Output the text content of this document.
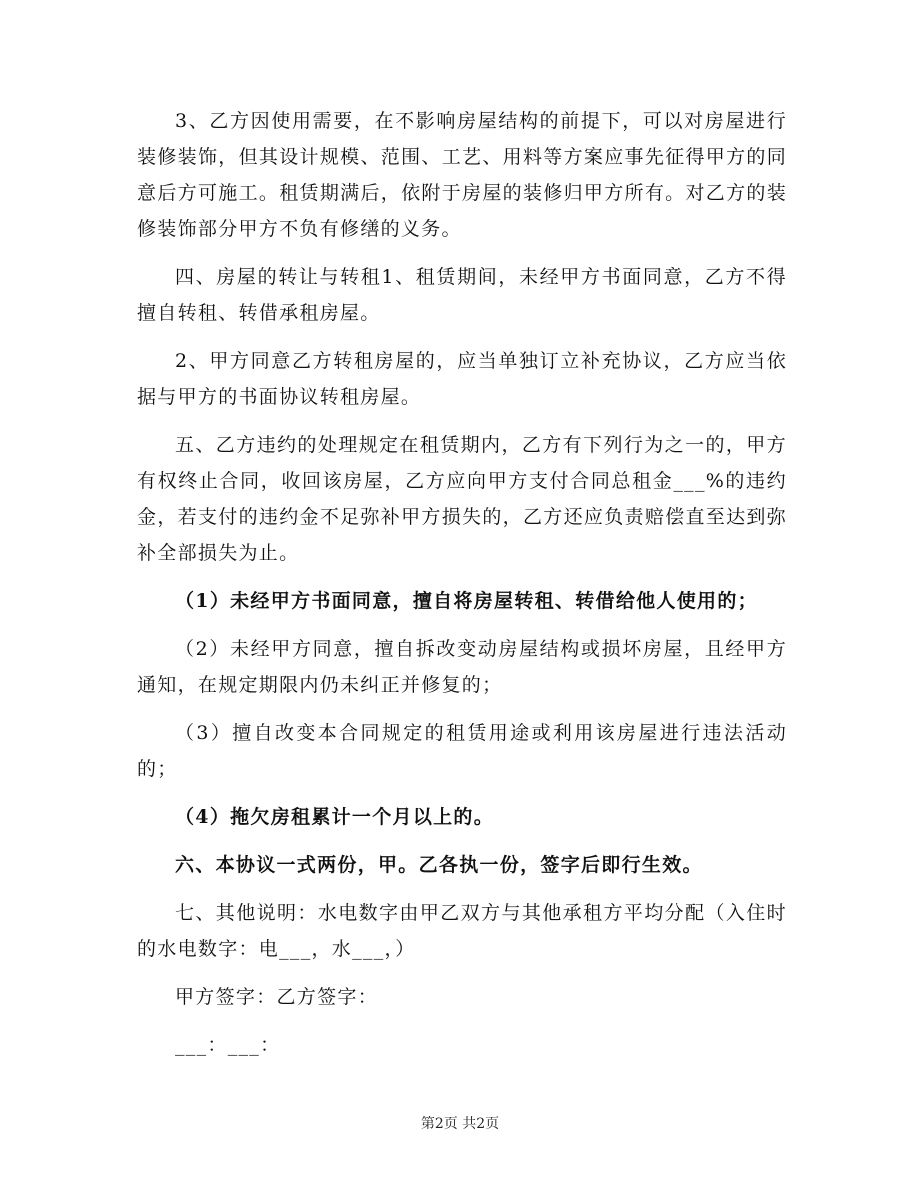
3、乙方因使用需要，在不影响房屋结构的前提下，可以对房屋进行装修装饰，但其设计规模、范围、工艺、用料等方案应事先征得甲方的同意后方可施工。租赁期满后，依附于房屋的装修归甲方所有。对乙方的装修装饰部分甲方不负有修缮的义务。

四、房屋的转让与转租1、租赁期间，未经甲方书面同意，乙方不得擅自转租、转借承租房屋。

2、甲方同意乙方转租房屋的，应当单独订立补充协议，乙方应当依据与甲方的书面协议转租房屋。

五、乙方违约的处理规定在租赁期内，乙方有下列行为之一的，甲方有权终止合同，收回该房屋，乙方应向甲方支付合同总租金___%的违约金，若支付的违约金不足弥补甲方损失的，乙方还应负责赔偿直至达到弥补全部损失为止。

（1）未经甲方书面同意，擅自将房屋转租、转借给他人使用的；

（2）未经甲方同意，擅自拆改变动房屋结构或损坏房屋，且经甲方通知，在规定期限内仍未纠正并修复的；

（3）擅自改变本合同规定的租赁用途或利用该房屋进行违法活动的；

（4）拖欠房租累计一个月以上的。

六、本协议一式两份，甲。乙各执一份，签字后即行生效。

七、其他说明：水电数字由甲乙双方与其他承租方平均分配（入住时的水电数字：电___，水___，）

甲方签字：乙方签字：

___：___：

第2页 共2页
